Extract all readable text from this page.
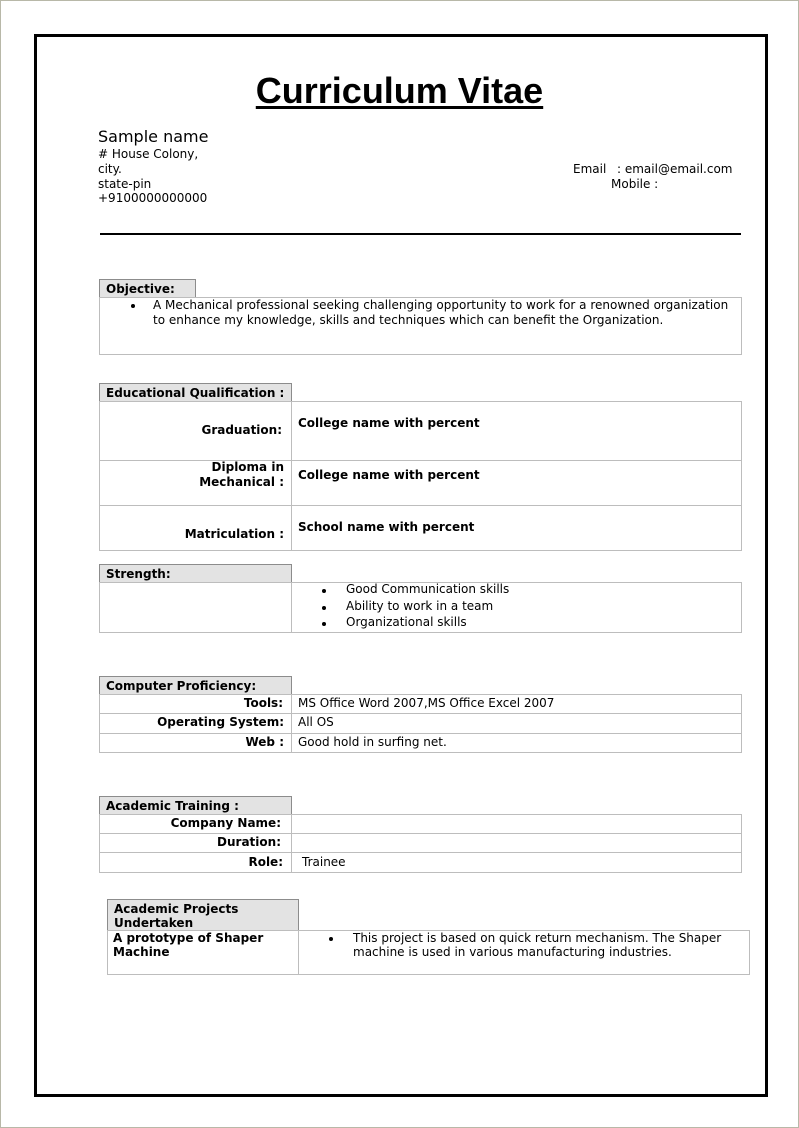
Curriculum Vitae
Sample name
# House Colony,
city.
state-pin
+9100000000000
Email : email@email.com
Mobile :
Objective:
A Mechanical professional seeking challenging opportunity to work for a renowned organization to enhance my knowledge, skills and techniques which can benefit the Organization.
Educational Qualification :
Graduation: College name with percent
Diploma in Mechanical : College name with percent
Matriculation : School name with percent
Strength:
Good Communication skills
Ability to work in a team
Organizational skills
Computer Proficiency:
Tools: MS Office Word 2007,MS Office Excel 2007
Operating System: All OS
Web : Good hold in surfing net.
Academic Training :
Company Name:
Duration:
Role: Trainee
Academic Projects Undertaken
A prototype of Shaper Machine
This project is based on quick return mechanism. The Shaper machine is used in various manufacturing industries.
